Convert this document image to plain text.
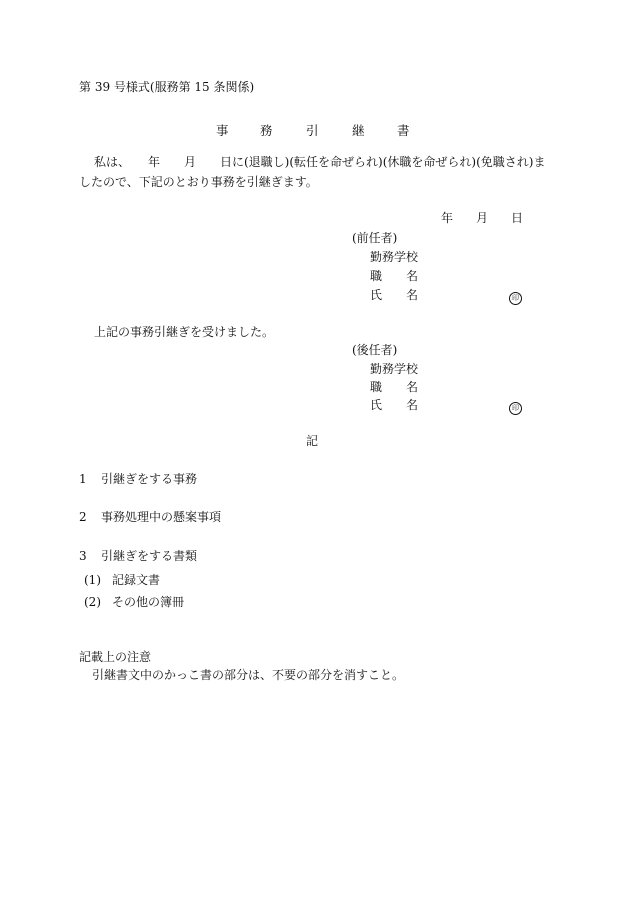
第 39 号様式(服務第 15 条関係)
事	務	引	継	書
私は、　　年　　月　　日に(退職し)(転任を命ぜられ)(休職を命ぜられ)(免職され)ま
したので、下記のとおり事務を引継ぎます。
年 月 日
(前任者)
勤務学校
職　　名
氏　　名	印
上記の事務引継ぎを受けました。
(後任者)
勤務学校
職　　名
氏　　名	印
記
1 引継ぎをする事務
2 事務処理中の懸案事項
3 引継ぎをする書類
(1) 記録文書
(2) その他の簿冊
記載上の注意
引継書文中のかっこ書の部分は、不要の部分を消すこと。
